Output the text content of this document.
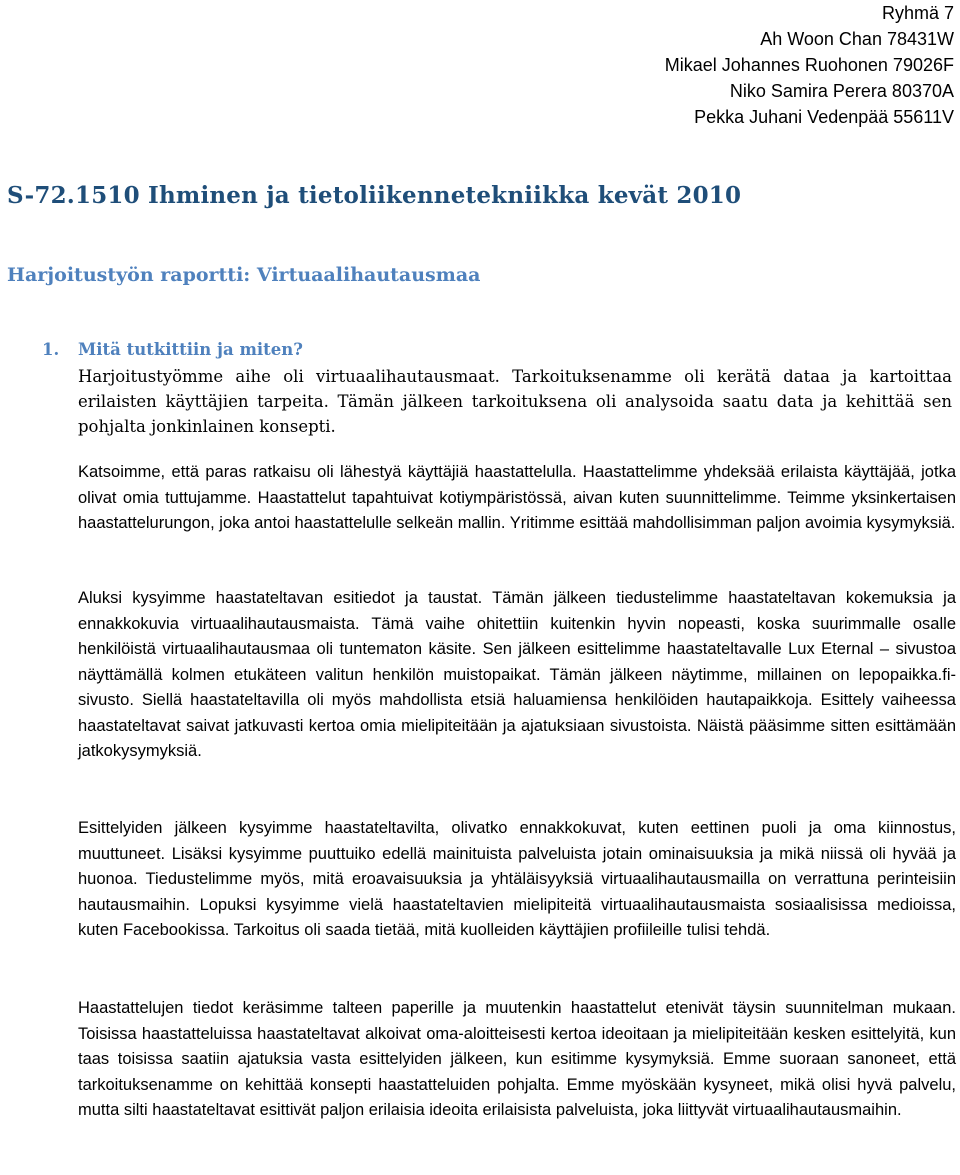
Ryhmä 7
Ah Woon Chan 78431W
Mikael Johannes Ruohonen 79026F
Niko Samira Perera 80370A
Pekka Juhani Vedenpää 55611V
S-72.1510 Ihminen ja tietoliikennetekniikka kevät 2010
Harjoitustyön raportti: Virtuaalihautausmaa
1. Mitä tutkittiin ja miten?

Harjoitustyömme aihe oli virtuaalihautausmaat. Tarkoituksenamme oli kerätä dataa ja kartoittaa erilaisten käyttäjien tarpeita. Tämän jälkeen tarkoituksena oli analysoida saatu data ja kehittää sen pohjalta jonkinlainen konsepti.

Katsoimme, että paras ratkaisu oli lähestyä käyttäjiä haastattelulla. Haastattelimme yhdeksää erilaista käyttäjää, jotka olivat omia tuttujamme. Haastattelut tapahtuivat kotiympäristössä, aivan kuten suunnittelimme. Teimme yksinkertaisen haastattelurungon, joka antoi haastattelulle selkeän mallin. Yritimme esittää mahdollisimman paljon avoimia kysymyksiä.

Aluksi kysyimme haastateltavan esitiedot ja taustat. Tämän jälkeen tiedustelimme haastateltavan kokemuksia ja ennakkokuvia virtuaalihautausmaista. Tämä vaihe ohitettiin kuitenkin hyvin nopeasti, koska suurimmalle osalle henkilöistä virtuaalihautausmaa oli tuntematon käsite. Sen jälkeen esittelimme haastateltavalle Lux Eternal – sivustoa näyttämällä kolmen etukäteen valitun henkilön muistopaikat. Tämän jälkeen näytimme, millainen on lepopaikka.fi-sivusto. Siellä haastateltavilla oli myös mahdollista etsiä haluamiensa henkilöiden hautapaikkoja. Esittely vaiheessa haastateltavat saivat jatkuvasti kertoa omia mielipiteitään ja ajatuksiaan sivustoista. Näistä pääsimme sitten esittämään jatkokysymyksiä.

Esittelyiden jälkeen kysyimme haastateltavilta, olivatko ennakkokuvat, kuten eettinen puoli ja oma kiinnostus, muuttuneet. Lisäksi kysyimme puuttuiko edellä mainituista palveluista jotain ominaisuuksia ja mikä niissä oli hyvää ja huonoa. Tiedustelimme myös, mitä eroavaisuuksia ja yhtäläisyyksiä virtuaalihautausmailla on verrattuna perinteisiin hautausmaihin. Lopuksi kysyimme vielä haastateltavien mielipiteitä virtuaalihautausmaista sosiaalisissa medioissa, kuten Facebookissa. Tarkoitus oli saada tietää, mitä kuolleiden käyttäjien profiileille tulisi tehdä.

Haastattelujen tiedot keräsimme talteen paperille ja muutenkin haastattelut etenivät täysin suunnitelman mukaan. Toisissa haastatteluissa haastateltavat alkoivat oma-aloitteisesti kertoa ideoitaan ja mielipiteitään kesken esittelyitä, kun taas toisissa saatiin ajatuksia vasta esittelyiden jälkeen, kun esitimme kysymyksiä. Emme suoraan sanoneet, että tarkoituksenamme on kehittää konsepti haastatteluiden pohjalta. Emme myöskään kysyneet, mikä olisi hyvä palvelu, mutta silti haastateltavat esittivät paljon erilaisia ideoita erilaisista palveluista, joka liittyvät virtuaalihautausmaihin.
